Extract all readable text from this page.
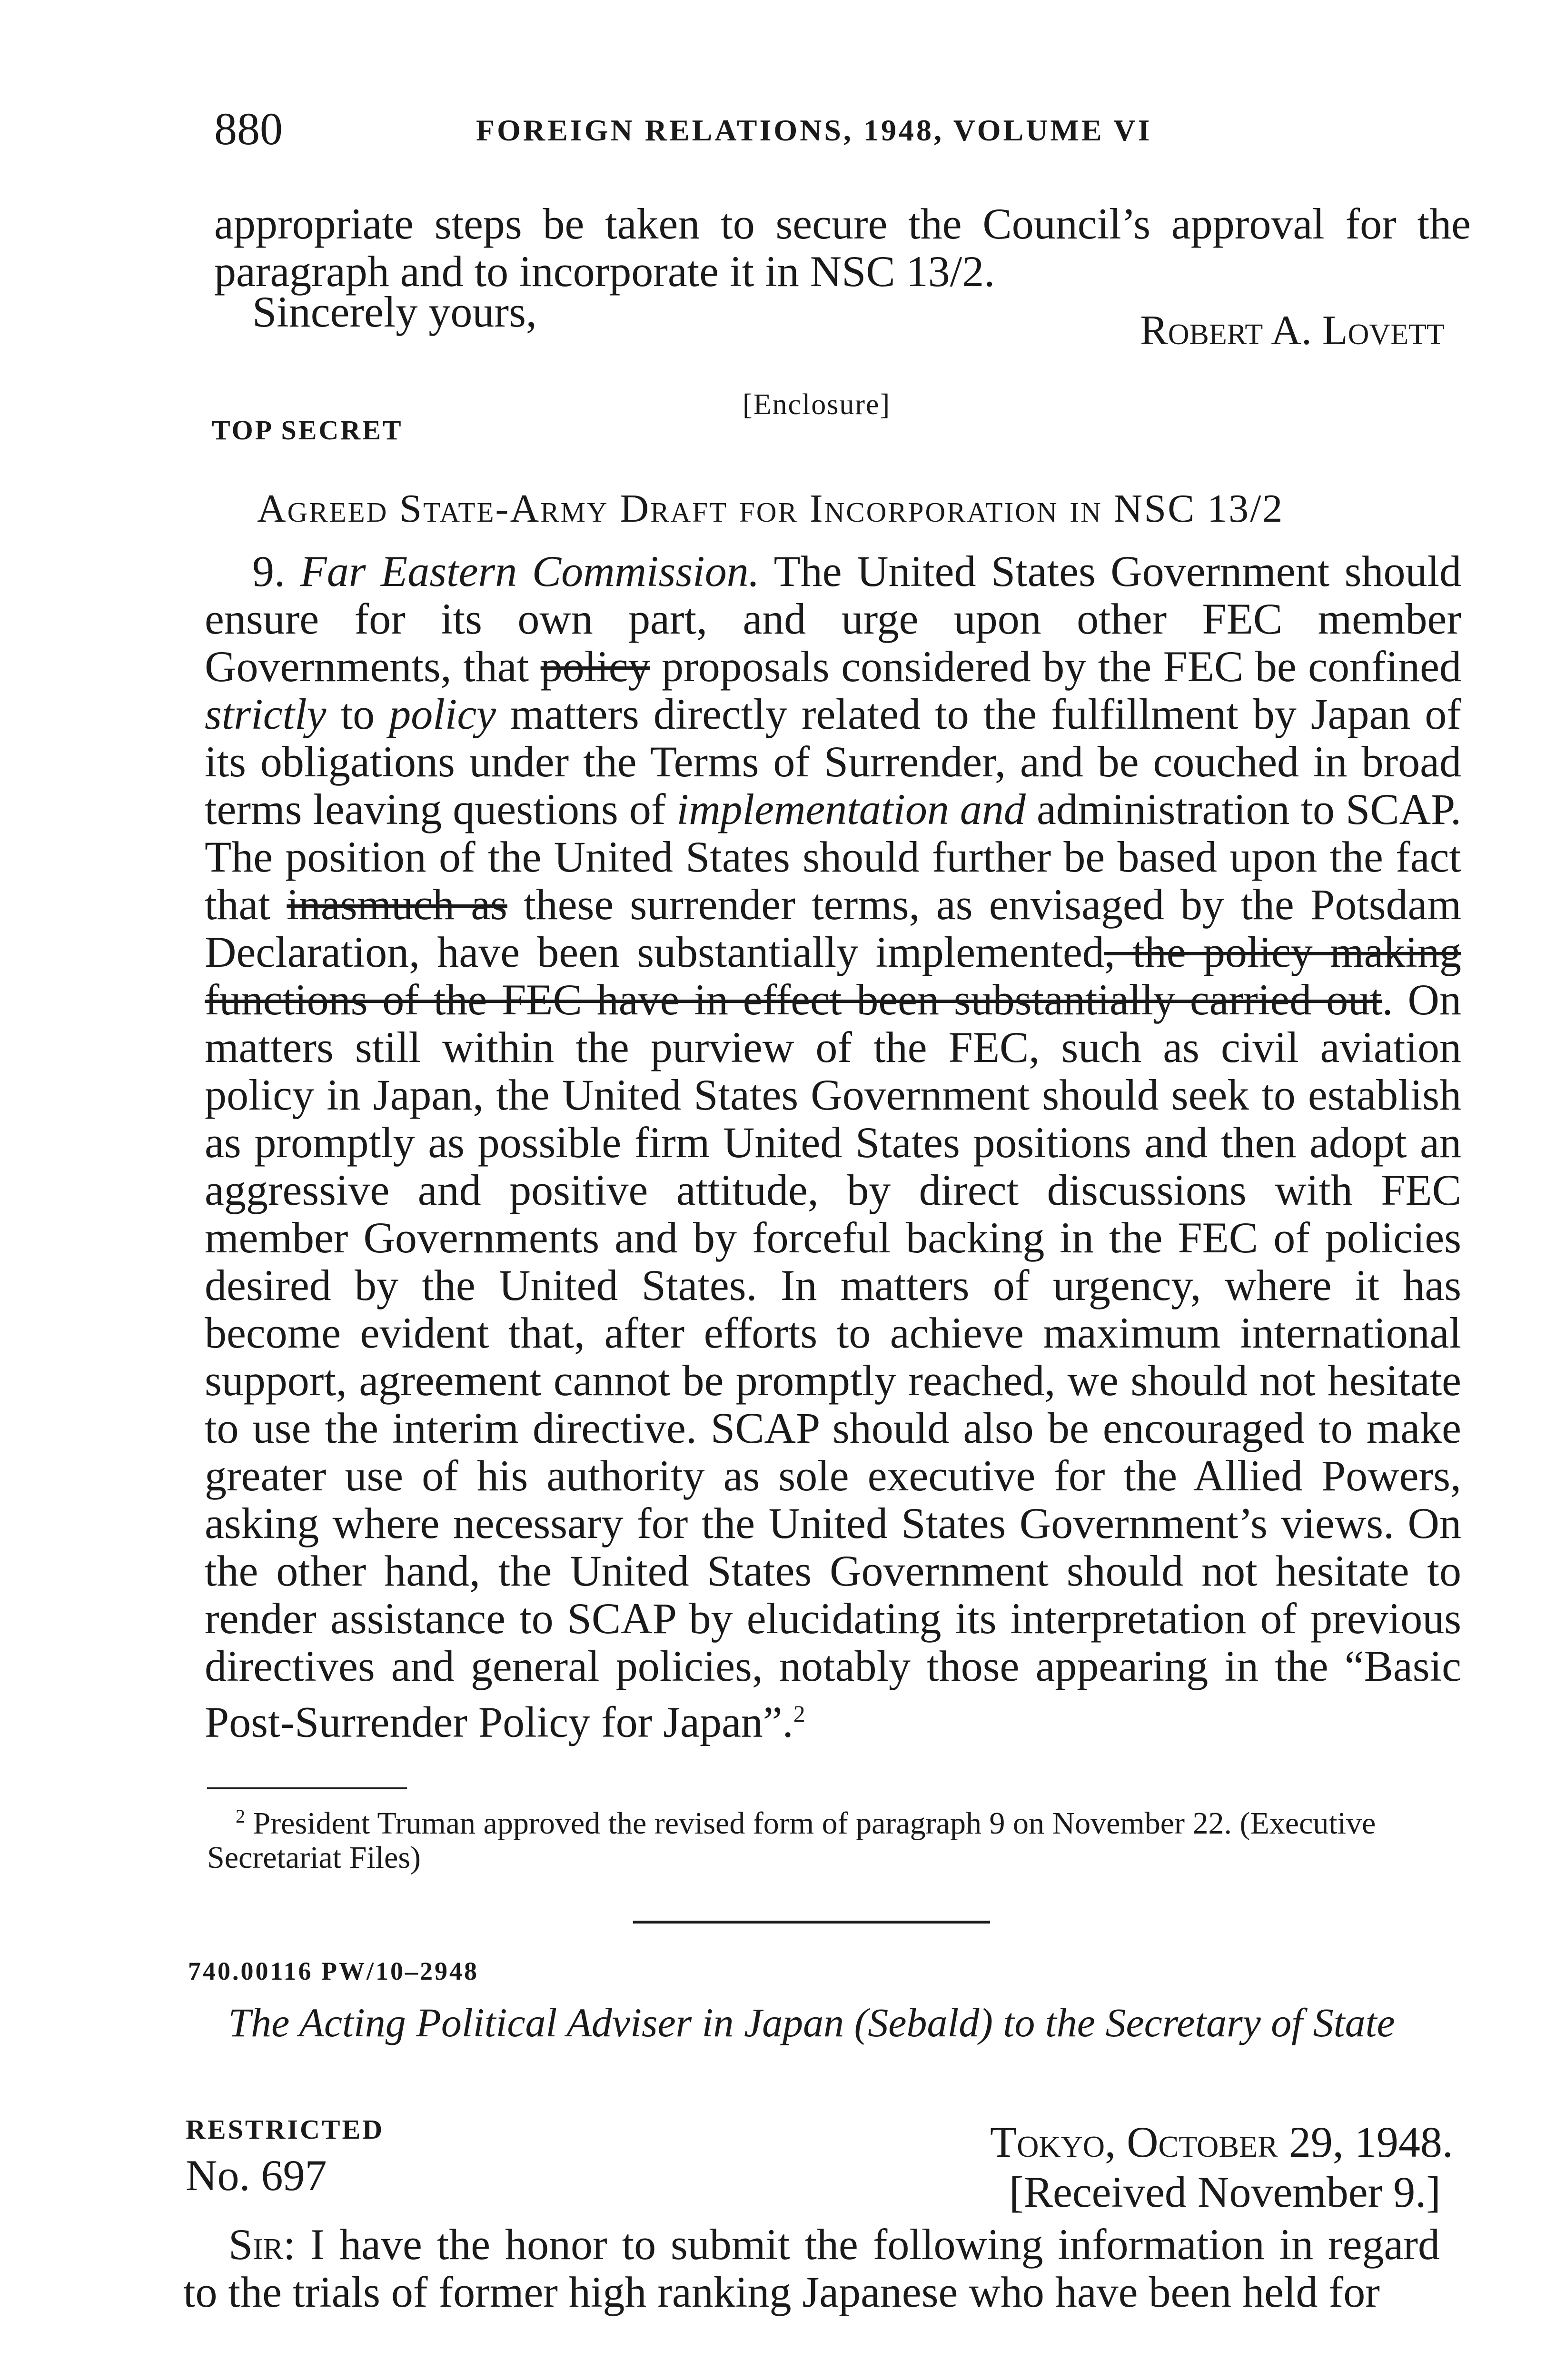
880	FOREIGN RELATIONS, 1948, VOLUME VI
appropriate steps be taken to secure the Council’s approval for the paragraph and to incorporate it in NSC 13/2.
Sincerely yours,	Robert A. Lovett
[Enclosure]
TOP SECRET
Agreed State-Army Draft for Incorporation in NSC 13/2
9. Far Eastern Commission. The United States Government should ensure for its own part, and urge upon other FEC member Governments, that policy proposals considered by the FEC be confined strictly to policy matters directly related to the fulfillment by Japan of its obligations under the Terms of Surrender, and be couched in broad terms leaving questions of implementation and administration to SCAP. The position of the United States should further be based upon the fact that inasmuch as these surrender terms, as envisaged by the Potsdam Declaration, have been substantially implemented, the policy making functions of the FEC have in effect been substantially carried out. On matters still within the purview of the FEC, such as civil aviation policy in Japan, the United States Government should seek to establish as promptly as possible firm United States positions and then adopt an aggressive and positive attitude, by direct discussions with FEC member Governments and by forceful backing in the FEC of policies desired by the United States. In matters of urgency, where it has become evident that, after efforts to achieve maximum international support, agreement cannot be promptly reached, we should not hesitate to use the interim directive. SCAP should also be encouraged to make greater use of his authority as sole executive for the Allied Powers, asking where necessary for the United States Government’s views. On the other hand, the United States Government should not hesitate to render assistance to SCAP by elucidating its interpretation of previous directives and general policies, notably those appearing in the “Basic Post-Surrender Policy for Japan”.$^2$
$^2$ President Truman approved the revised form of paragraph 9 on November 22. (Executive Secretariat Files)
740.00116 PW/10–2948
The Acting Political Adviser in Japan (Sebald) to the Secretary of State
RESTRICTED
No. 697
Tokyo, October 29, 1948.
[Received November 9.]
Sir: I have the honor to submit the following information in regard to the trials of former high ranking Japanese who have been held for
